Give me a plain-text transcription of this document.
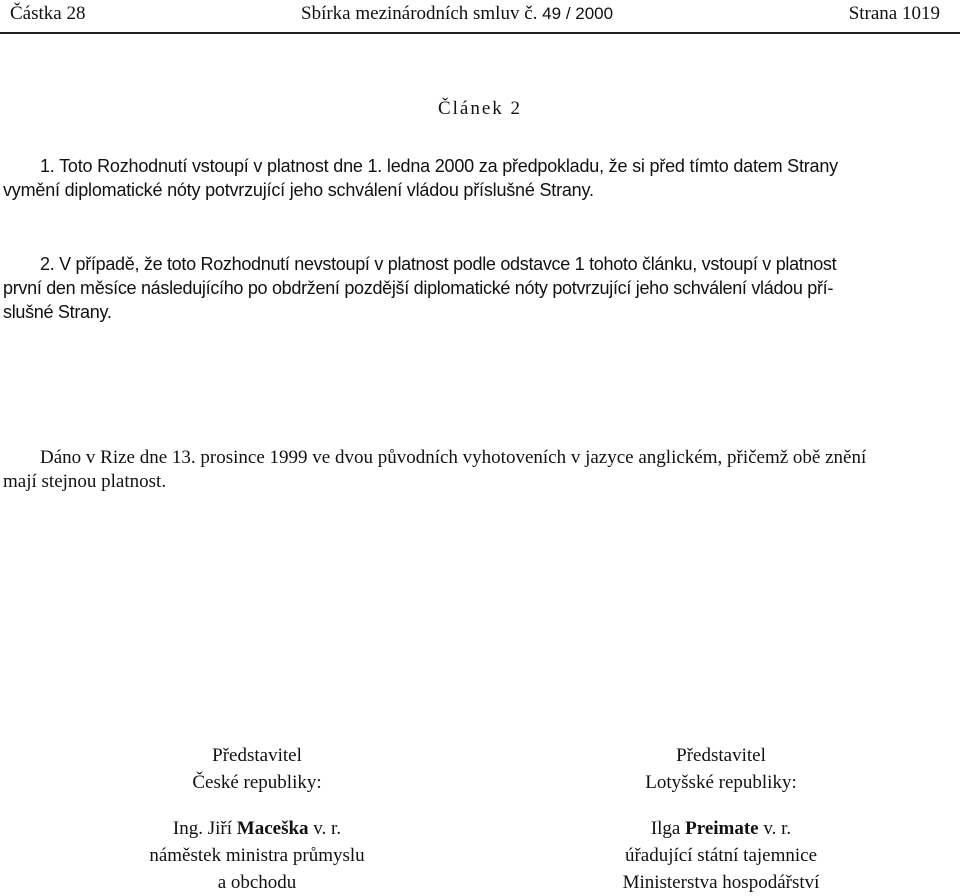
Částka 28	Sbírka mezinárodních smluv č. 49 / 2000	Strana 1019
Článek 2
1. Toto Rozhodnutí vstoupí v platnost dne 1. ledna 2000 za předpokladu, že si před tímto datem Strany
vymění diplomatické nóty potvrzující jeho schválení vládou příslušné Strany.
2. V případě, že toto Rozhodnutí nevstoupí v platnost podle odstavce 1 tohoto článku, vstoupí v platnost
první den měsíce následujícího po obdržení pozdější diplomatické nóty potvrzující jeho schválení vládou pří-
slušné Strany.
Dáno v Rize dne 13. prosince 1999 ve dvou původních vyhotoveních v jazyce anglickém, přičemž obě znění
mají stejnou platnost.
Představitel
České republiky:
Ing. Jiří Maceška v. r.
náměstek ministra průmyslu
a obchodu
Představitel
Lotyšské republiky:
Ilga Preimate v. r.
úřadující státní tajemnice
Ministerstva hospodářství
